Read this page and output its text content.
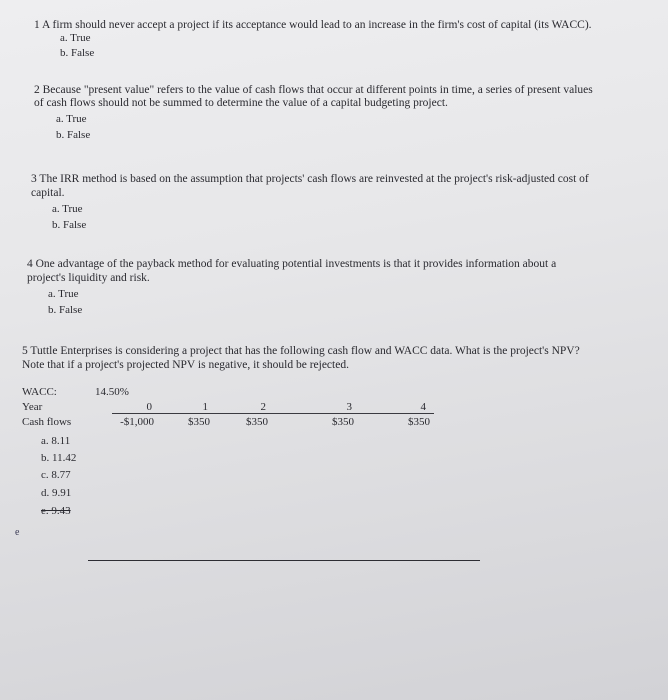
1 A firm should never accept a project if its acceptance would lead to an increase in the firm's cost of capital (its WACC).
a. True
b. False
2 Because "present value" refers to the value of cash flows that occur at different points in time, a series of present values
of cash flows should not be summed to determine the value of a capital budgeting project.
a. True
b. False
3 The IRR method is based on the assumption that projects' cash flows are reinvested at the project's risk-adjusted cost of
capital.
a. True
b. False
4 One advantage of the payback method for evaluating potential investments is that it provides information about a
project's liquidity and risk.
a. True
b. False
5 Tuttle Enterprises is considering a project that has the following cash flow and WACC data. What is the project's NPV?
Note that if a project's projected NPV is negative, it should be rejected.
WACC:	14.50%
Year	0	1	2	3	4
Cash flows	-$1,000	$350	$350	$350	$350
a. 8.11
b. 11.42
c. 8.77
d. 9.91
e. 9.43
e
